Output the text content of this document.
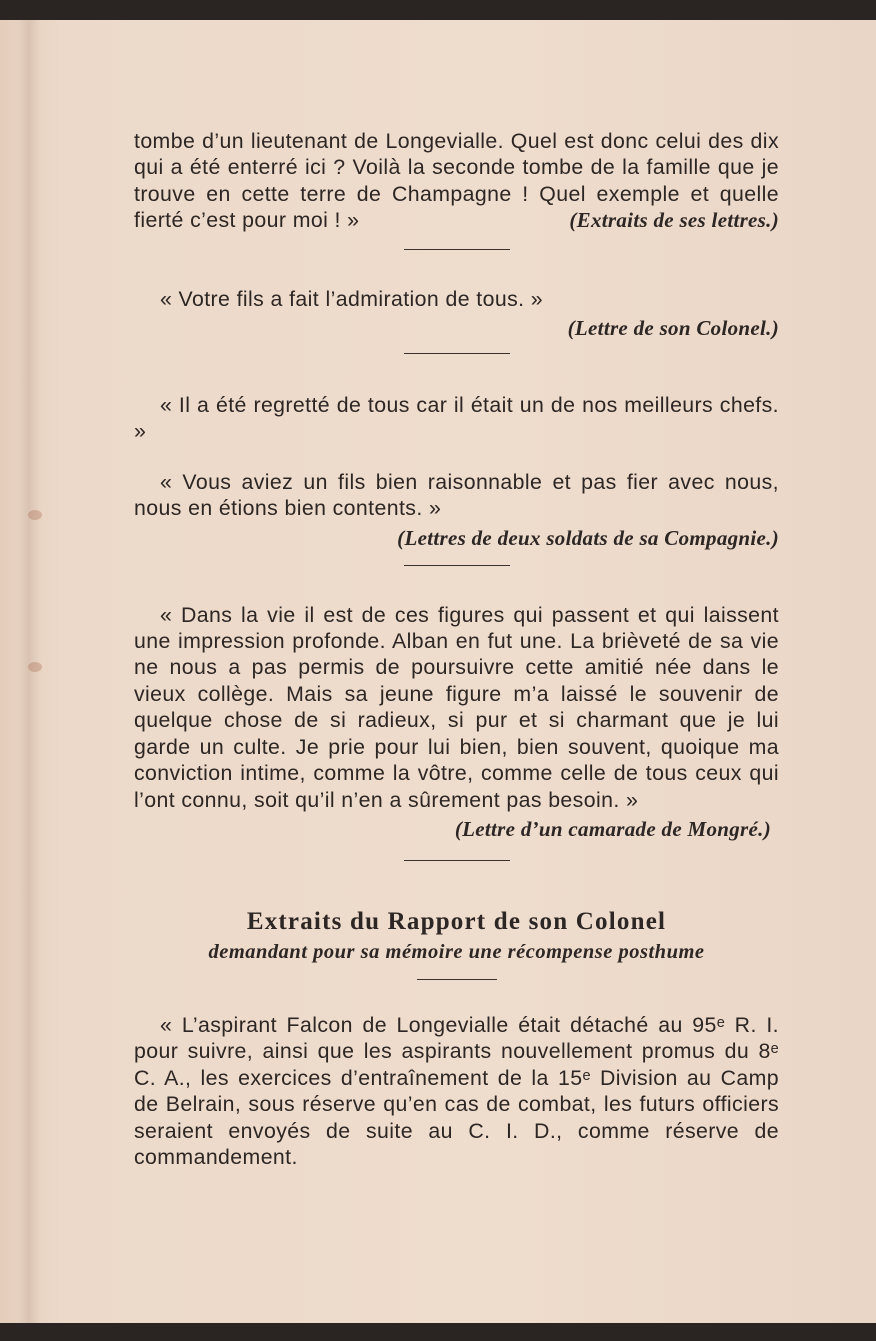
tombe d’un lieutenant de Longevialle. Quel est donc celui des dix qui a été enterré ici ? Voilà la seconde tombe de la famille que je trouve en cette terre de Champagne ! Quel exemple et quelle fierté c’est pour moi ! »	(Extraits de ses lettres.)

« Votre fils a fait l’admiration de tous. »

(Lettre de son Colonel.)

« Il a été regretté de tous car il était un de nos meilleurs chefs. »

« Vous aviez un fils bien raisonnable et pas fier avec nous, nous en étions bien contents. »

(Lettres de deux soldats de sa Compagnie.)

« Dans la vie il est de ces figures qui passent et qui laissent une impression profonde. Alban en fut une. La brièveté de sa vie ne nous a pas permis de poursuivre cette amitié née dans le vieux collège. Mais sa jeune figure m’a laissé le souvenir de quelque chose de si radieux, si pur et si charmant que je lui garde un culte. Je prie pour lui bien, bien souvent, quoique ma conviction intime, comme la vôtre, comme celle de tous ceux qui l’ont connu, soit qu’il n’en a sûrement pas besoin. »

(Lettre d’un camarade de Mongré.)

Extraits du Rapport de son Colonel

demandant pour sa mémoire une récompense posthume

« L’aspirant Falcon de Longevialle était détaché au 95ᵉ R. I. pour suivre, ainsi que les aspirants nouvellement promus du 8ᵉ C. A., les exercices d’entraînement de la 15ᵉ Division au Camp de Belrain, sous réserve qu’en cas de combat, les futurs officiers seraient envoyés de suite au C. I. D., comme réserve de commandement.
